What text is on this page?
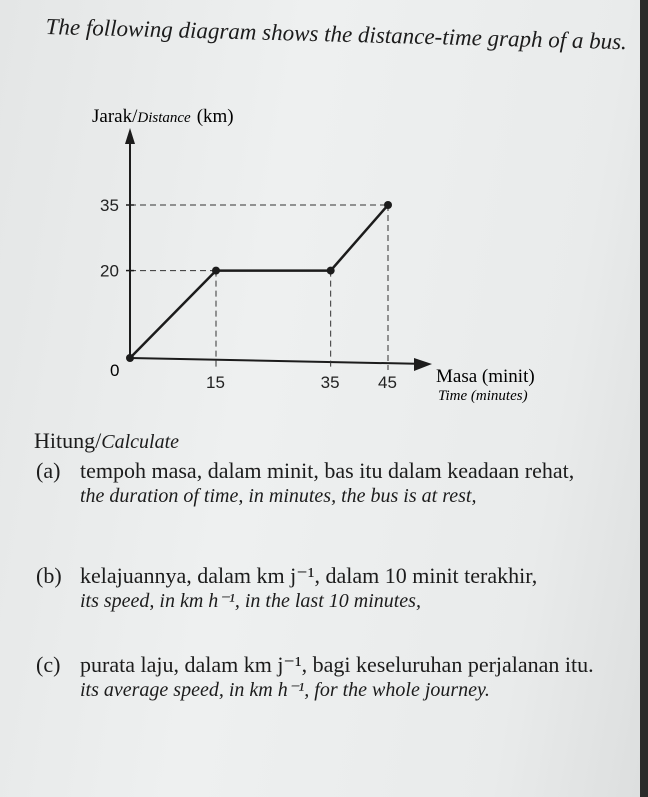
The following diagram shows the distance-time graph of a bus.
20
35
15	35 45
Jarak/Distance (km)
Masa (minit)
Time (minutes)
0
Hitung/Calculate
(a) tempoh masa, dalam minit, bas itu dalam keadaan rehat,
the duration of time, in minutes, the bus is at rest,
(b) kelajuannya, dalam km j⁻¹, dalam 10 minit terakhir,
its speed, in km h⁻¹, in the last 10 minutes,
(c) purata laju, dalam km j⁻¹, bagi keseluruhan perjalanan itu.
its average speed, in km h⁻¹, for the whole journey.
